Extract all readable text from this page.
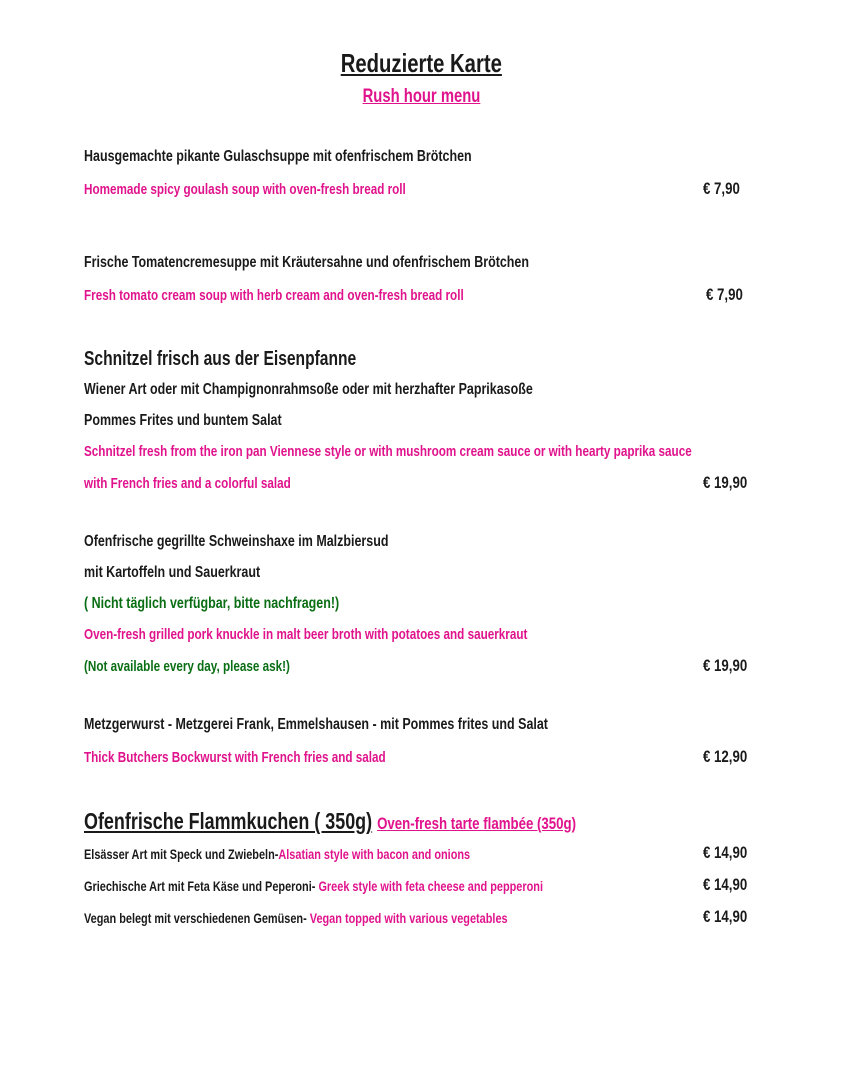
Reduzierte Karte
Rush hour menu
Hausgemachte pikante Gulaschsuppe mit ofenfrischem Brötchen
Homemade spicy goulash soup with oven-fresh bread roll	€ 7,90
Frische Tomatencremesuppe mit Kräutersahne und ofenfrischem Brötchen
Fresh tomato cream soup with herb cream and oven-fresh bread roll	€ 7,90
Schnitzel frisch aus der Eisenpfanne
Wiener Art oder mit Champignonrahmsoße oder mit herzhafter Paprikasoße
Pommes Frites und buntem Salat
Schnitzel fresh from the iron pan Viennese style or with mushroom cream sauce or with hearty paprika sauce
with French fries and a colorful salad	€ 19,90
Ofenfrische gegrillte Schweinshaxe im Malzbiersud
mit Kartoffeln und Sauerkraut
( Nicht täglich verfügbar, bitte nachfragen!)
Oven-fresh grilled pork knuckle in malt beer broth with potatoes and sauerkraut
(Not available every day, please ask!)	€ 19,90
Metzgerwurst - Metzgerei Frank, Emmelshausen - mit Pommes frites und Salat
Thick Butchers Bockwurst with French fries and salad	€ 12,90
Ofenfrische Flammkuchen ( 350g) Oven-fresh tarte flambée (350g)
Elsässer Art mit Speck und Zwiebeln-Alsatian style with bacon and onions	€ 14,90
Griechische Art mit Feta Käse und Peperoni- Greek style with feta cheese and pepperoni	€ 14,90
Vegan belegt mit verschiedenen Gemüsen- Vegan topped with various vegetables	€ 14,90
